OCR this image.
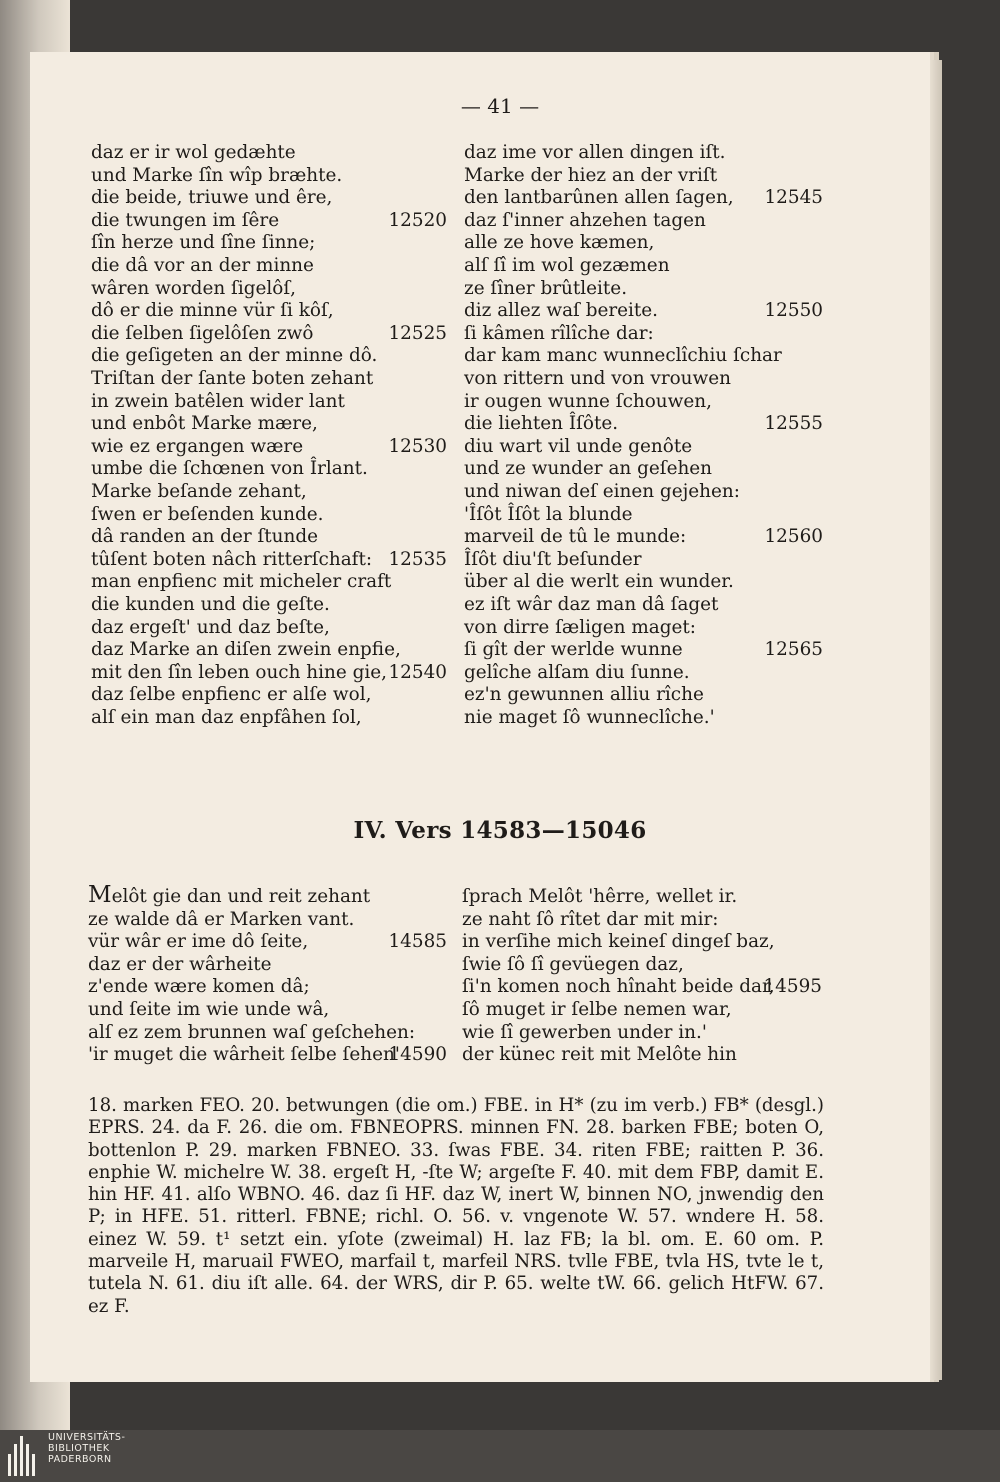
— 41 —
daz er ir wol gedæhte
und Marke ſîn wîp bræhte.
die beide, triuwe und êre,
die twungen im ſêre
ſîn herze und ſîne ſinne;
die dâ vor an der minne
wâren worden ſigelôſ,
dô er die minne vür ſi kôſ,
die ſelben ſigelôſen zwô
die geſigeten an der minne dô.
Triſtan der ſante boten zehant
in zwein batêlen wider lant
und enbôt Marke mære,
wie ez ergangen wære
umbe die ſchœnen von Îrlant.
Marke beſande zehant,
ſwen er beſenden kunde.
dâ randen an der ſtunde
tûſent boten nâch ritterſchaft:
man enpfienc mit micheler craft
die kunden und die geſte.
daz ergeſt' und daz beſte,
daz Marke an diſen zwein enpfie,
mit den ſîn leben ouch hine gie,
daz ſelbe enpfienc er alſe wol,
alſ ein man daz enpfâhen ſol,
12520
12525
12530
12535
12540
daz ime vor allen dingen iſt.
Marke der hiez an der vriſt
den lantbarûnen allen ſagen,
daz ſ'inner ahzehen tagen
alle ze hove kæmen,
alſ ſî im wol gezæmen
ze ſîner brûtleite.
diz allez waſ bereite.
ſi kâmen rîlîche dar:
dar kam manc wunneclîchiu ſchar
von rittern und von vrouwen
ir ougen wunne ſchouwen,
die liehten Îſôte.
diu wart vil unde genôte
und ze wunder an geſehen
und niwan deſ einen gejehen:
'Îſôt Îſôt la blunde
marveil de tû le munde:
Îſôt diu'ſt beſunder
über al die werlt ein wunder.
ez iſt wâr daz man dâ ſaget
von dirre ſæligen maget:
ſi gît der werlde wunne
gelîche alſam diu ſunne.
ez'n gewunnen alliu rîche
nie maget ſô wunneclîche.'
12545
12550
12555
12560
12565
IV. Vers 14583—15046
Melôt gie dan und reit zehant
ze walde dâ er Marken vant.
vür wâr er ime dô ſeite,
daz er der wârheite
z'ende wære komen dâ;
und ſeite im wie unde wâ,
alſ ez zem brunnen waſ geſchehen:
'ir muget die wârheit ſelbe ſehen'
14585
14590
ſprach Melôt 'hêrre, wellet ir.
ze naht ſô rîtet dar mit mir:
in verſihe mich keineſ dingeſ baz,
ſwie ſô ſî gevüegen daz,
ſi'n komen noch hînaht beide dar,
ſô muget ir ſelbe nemen war,
wie ſî gewerben under in.'
der künec reit mit Melôte hin
14595
18. marken FEO. 20. betwungen (die om.) FBE. in H* (zu im verb.) FB* (desgl.) EPRS. 24. da F. 26. die om. FBNEOPRS. minnen FN. 28. barken FBE; boten O, bottenlon P. 29. marken FBNEO. 33. ſwas FBE. 34. riten FBE; raitten P. 36. enphie W. michelre W. 38. ergeſt H, -ſte W; argeſte F. 40. mit dem FBP, damit E. hin HF. 41. alſo WBNO. 46. daz ſi HF. daz W, inert W, binnen NO, jnwendig den P; in HFE. 51. ritterl. FBNE; richl. O. 56. v. vngenote W. 57. wndere H. 58. einez W. 59. t¹ setzt ein. yſote (zweimal) H. laz FB; la bl. om. E. 60 om. P. marveile H, maruail FWEO, marfail t, marfeil NRS. tvlle FBE, tvla HS, tvte le t, tutela N. 61. diu iſt alle. 64. der WRS, dir P. 65. welte tW. 66. gelich HtFW. 67. ez F.
UNIVERSITÄTS-
BIBLIOTHEK
PADERBORN
